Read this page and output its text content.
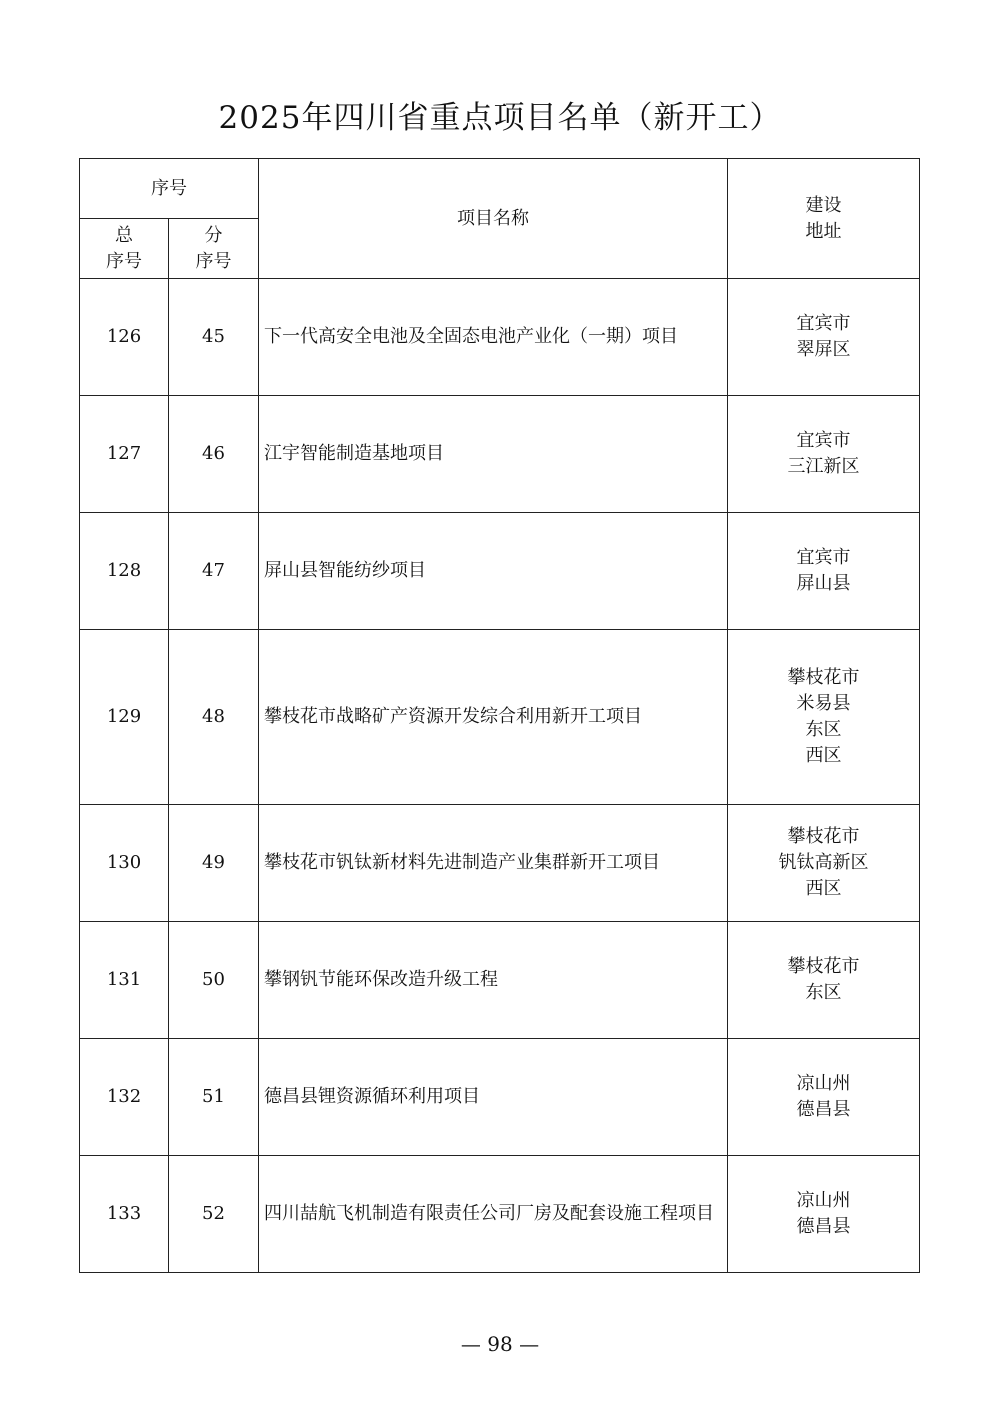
2025年四川省重点项目名单（新开工）
序号		项目名称	建设
地址

总
序号	分
序号		

126	45	下一代高安全电池及全固态电池产业化（一期）项目	宜宾市
翠屏区

127	46	江宇智能制造基地项目	宜宾市
三江新区

128	47	屏山县智能纺纱项目	宜宾市
屏山县

129	48	攀枝花市战略矿产资源开发综合利用新开工项目	攀枝花市
米易县
东区
西区

130	49	攀枝花市钒钛新材料先进制造产业集群新开工项目	攀枝花市
钒钛高新区
西区

131	50	攀钢钒节能环保改造升级工程	攀枝花市
东区

132	51	德昌县锂资源循环利用项目	凉山州
德昌县

133	52	四川喆航飞机制造有限责任公司厂房及配套设施工程项目	凉山州
德昌县
— 98 —
